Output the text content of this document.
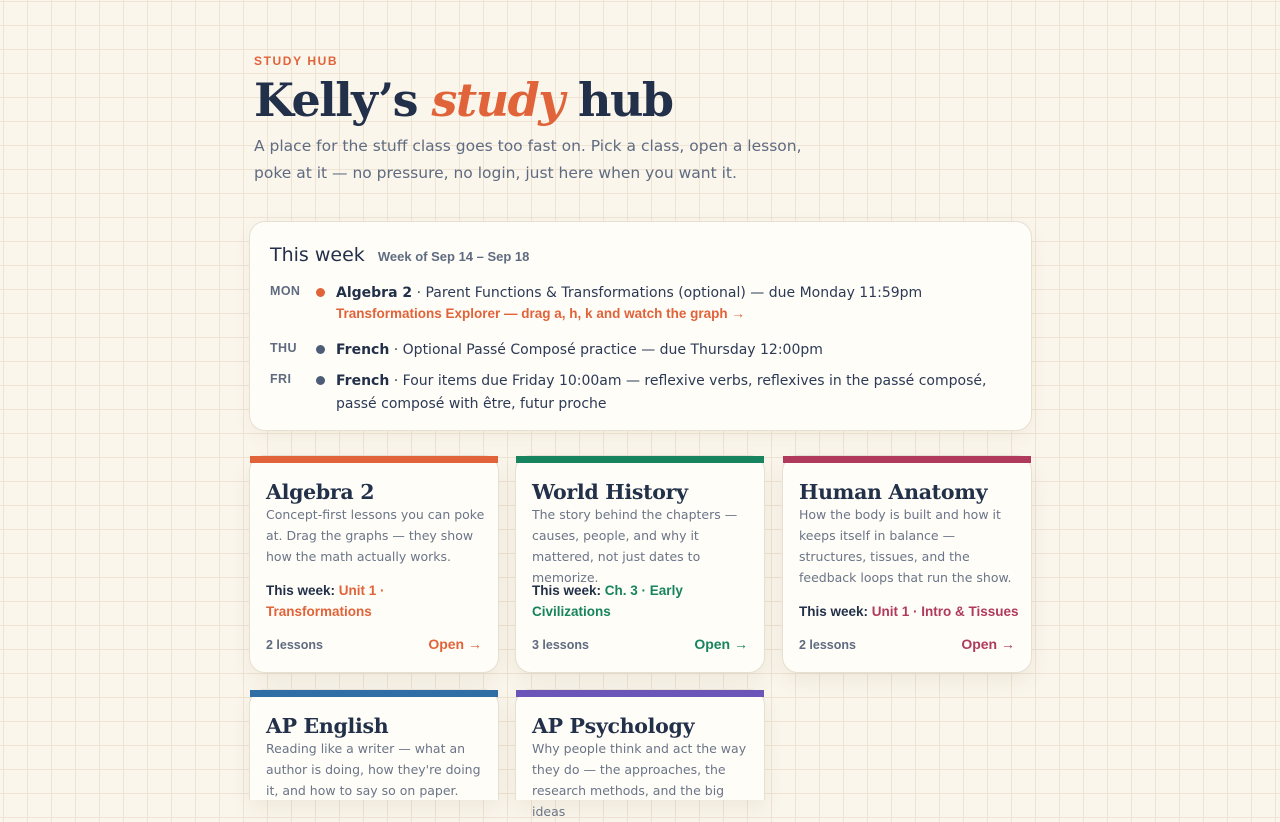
STUDY HUB
Kelly’s study hub

A place for the stuff class goes too fast on. Pick a class, open a lesson, poke at it — no pressure, no login, just here when you want it.

This week Week of Sep 14 – Sep 18
MON	Algebra 2 · Parent Functions & Transformations (optional) — due Monday 11:59pm
Transformations Explorer — drag a, h, k and watch the graph →
THU	French · Optional Passé Composé practice — due Thursday 12:00pm
FRI	French · Four items due Friday 10:00am — reflexive verbs, reflexives in the passé composé, passé composé with être, futur proche
Algebra 2

Concept-first lessons you can poke at. Drag the graphs — they show how the math actually works.

This week: Unit 1 · Transformations
2 lessons	Open →
World History

The story behind the chapters — causes, people, and why it mattered, not just dates to memorize.

This week: Ch. 3 · Early Civilizations
3 lessons	Open →
Human Anatomy

How the body is built and how it keeps itself in balance — structures, tissues, and the feedback loops that run the show.

This week: Unit 1 · Intro & Tissues
2 lessons	Open →
AP English

Reading like a writer — what an author is doing, how they're doing it, and how to say so on paper.

AP Psychology

Why people think and act the way they do — the approaches, the research methods, and the big ideas
